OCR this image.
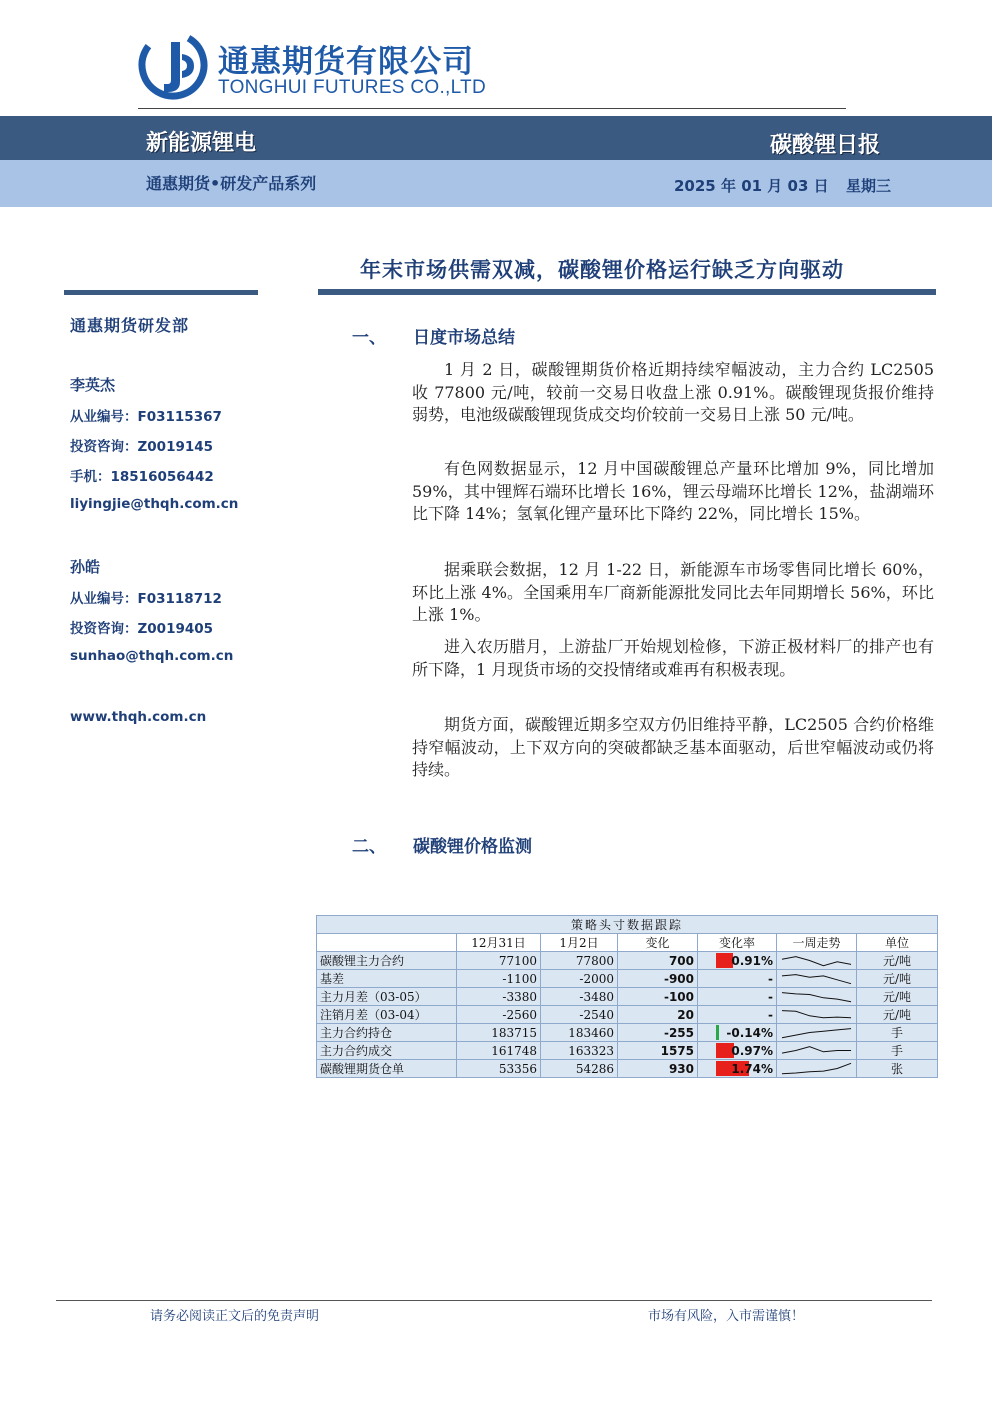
通惠期货有限公司
TONGHUI FUTURES CO.,LTD
新能源锂电	碳酸锂日报
通惠期货•研发产品系列	2025 年 01 月 03 日 星期三
年末市场供需双减，碳酸锂价格运行缺乏方向驱动
通惠期货研发部
李英杰
从业编号：F03115367
投资咨询：Z0019145
手机：18516056442
liyingjie@thqh.com.cn
孙皓
从业编号：F03118712
投资咨询：Z0019405
sunhao@thqh.com.cn
www.thqh.com.cn
一、 日度市场总结

1 月 2 日，碳酸锂期货价格近期持续窄幅波动，主力合约 LC2505 收 77800 元/吨，较前一交易日收盘上涨 0.91%。碳酸锂现货报价维持弱势，电池级碳酸锂现货成交均价较前一交易日上涨 50 元/吨。

有色网数据显示，12 月中国碳酸锂总产量环比增加 9%，同比增加 59%，其中锂辉石端环比增长 16%，锂云母端环比增长 12%，盐湖端环比下降 14%；氢氧化锂产量环比下降约 22%，同比增长 15%。

据乘联会数据，12 月 1-22 日，新能源车市场零售同比增长 60%，环比上涨 4%。全国乘用车厂商新能源批发同比去年同期增长 56%，环比上涨 1%。

进入农历腊月，上游盐厂开始规划检修，下游正极材料厂的排产也有所下降，1 月现货市场的交投情绪或难再有积极表现。

期货方面，碳酸锂近期多空双方仍旧维持平静，LC2505 合约价格维持窄幅波动，上下双方向的突破都缺乏基本面驱动，后世窄幅波动或仍将持续。

二、 碳酸锂价格监测
策略头寸数据跟踪						
	12月31日	1月2日	变化	变化率	一周走势	单位
碳酸锂主力合约	77100	77800	700	0.91%		元/吨
基差	-1100	-2000	-900	-		元/吨
主力月差（03-05）	-3380	-3480	-100	-		元/吨
注销月差（03-04）	-2560	-2540	20	-		元/吨
主力合约持仓	183715	183460	-255	-0.14%		手
主力合约成交	161748	163323	1575	0.97%		手
碳酸锂期货仓单	53356	54286	930	1.74%		张
请务必阅读正文后的免责声明	市场有风险，入市需谨慎！
